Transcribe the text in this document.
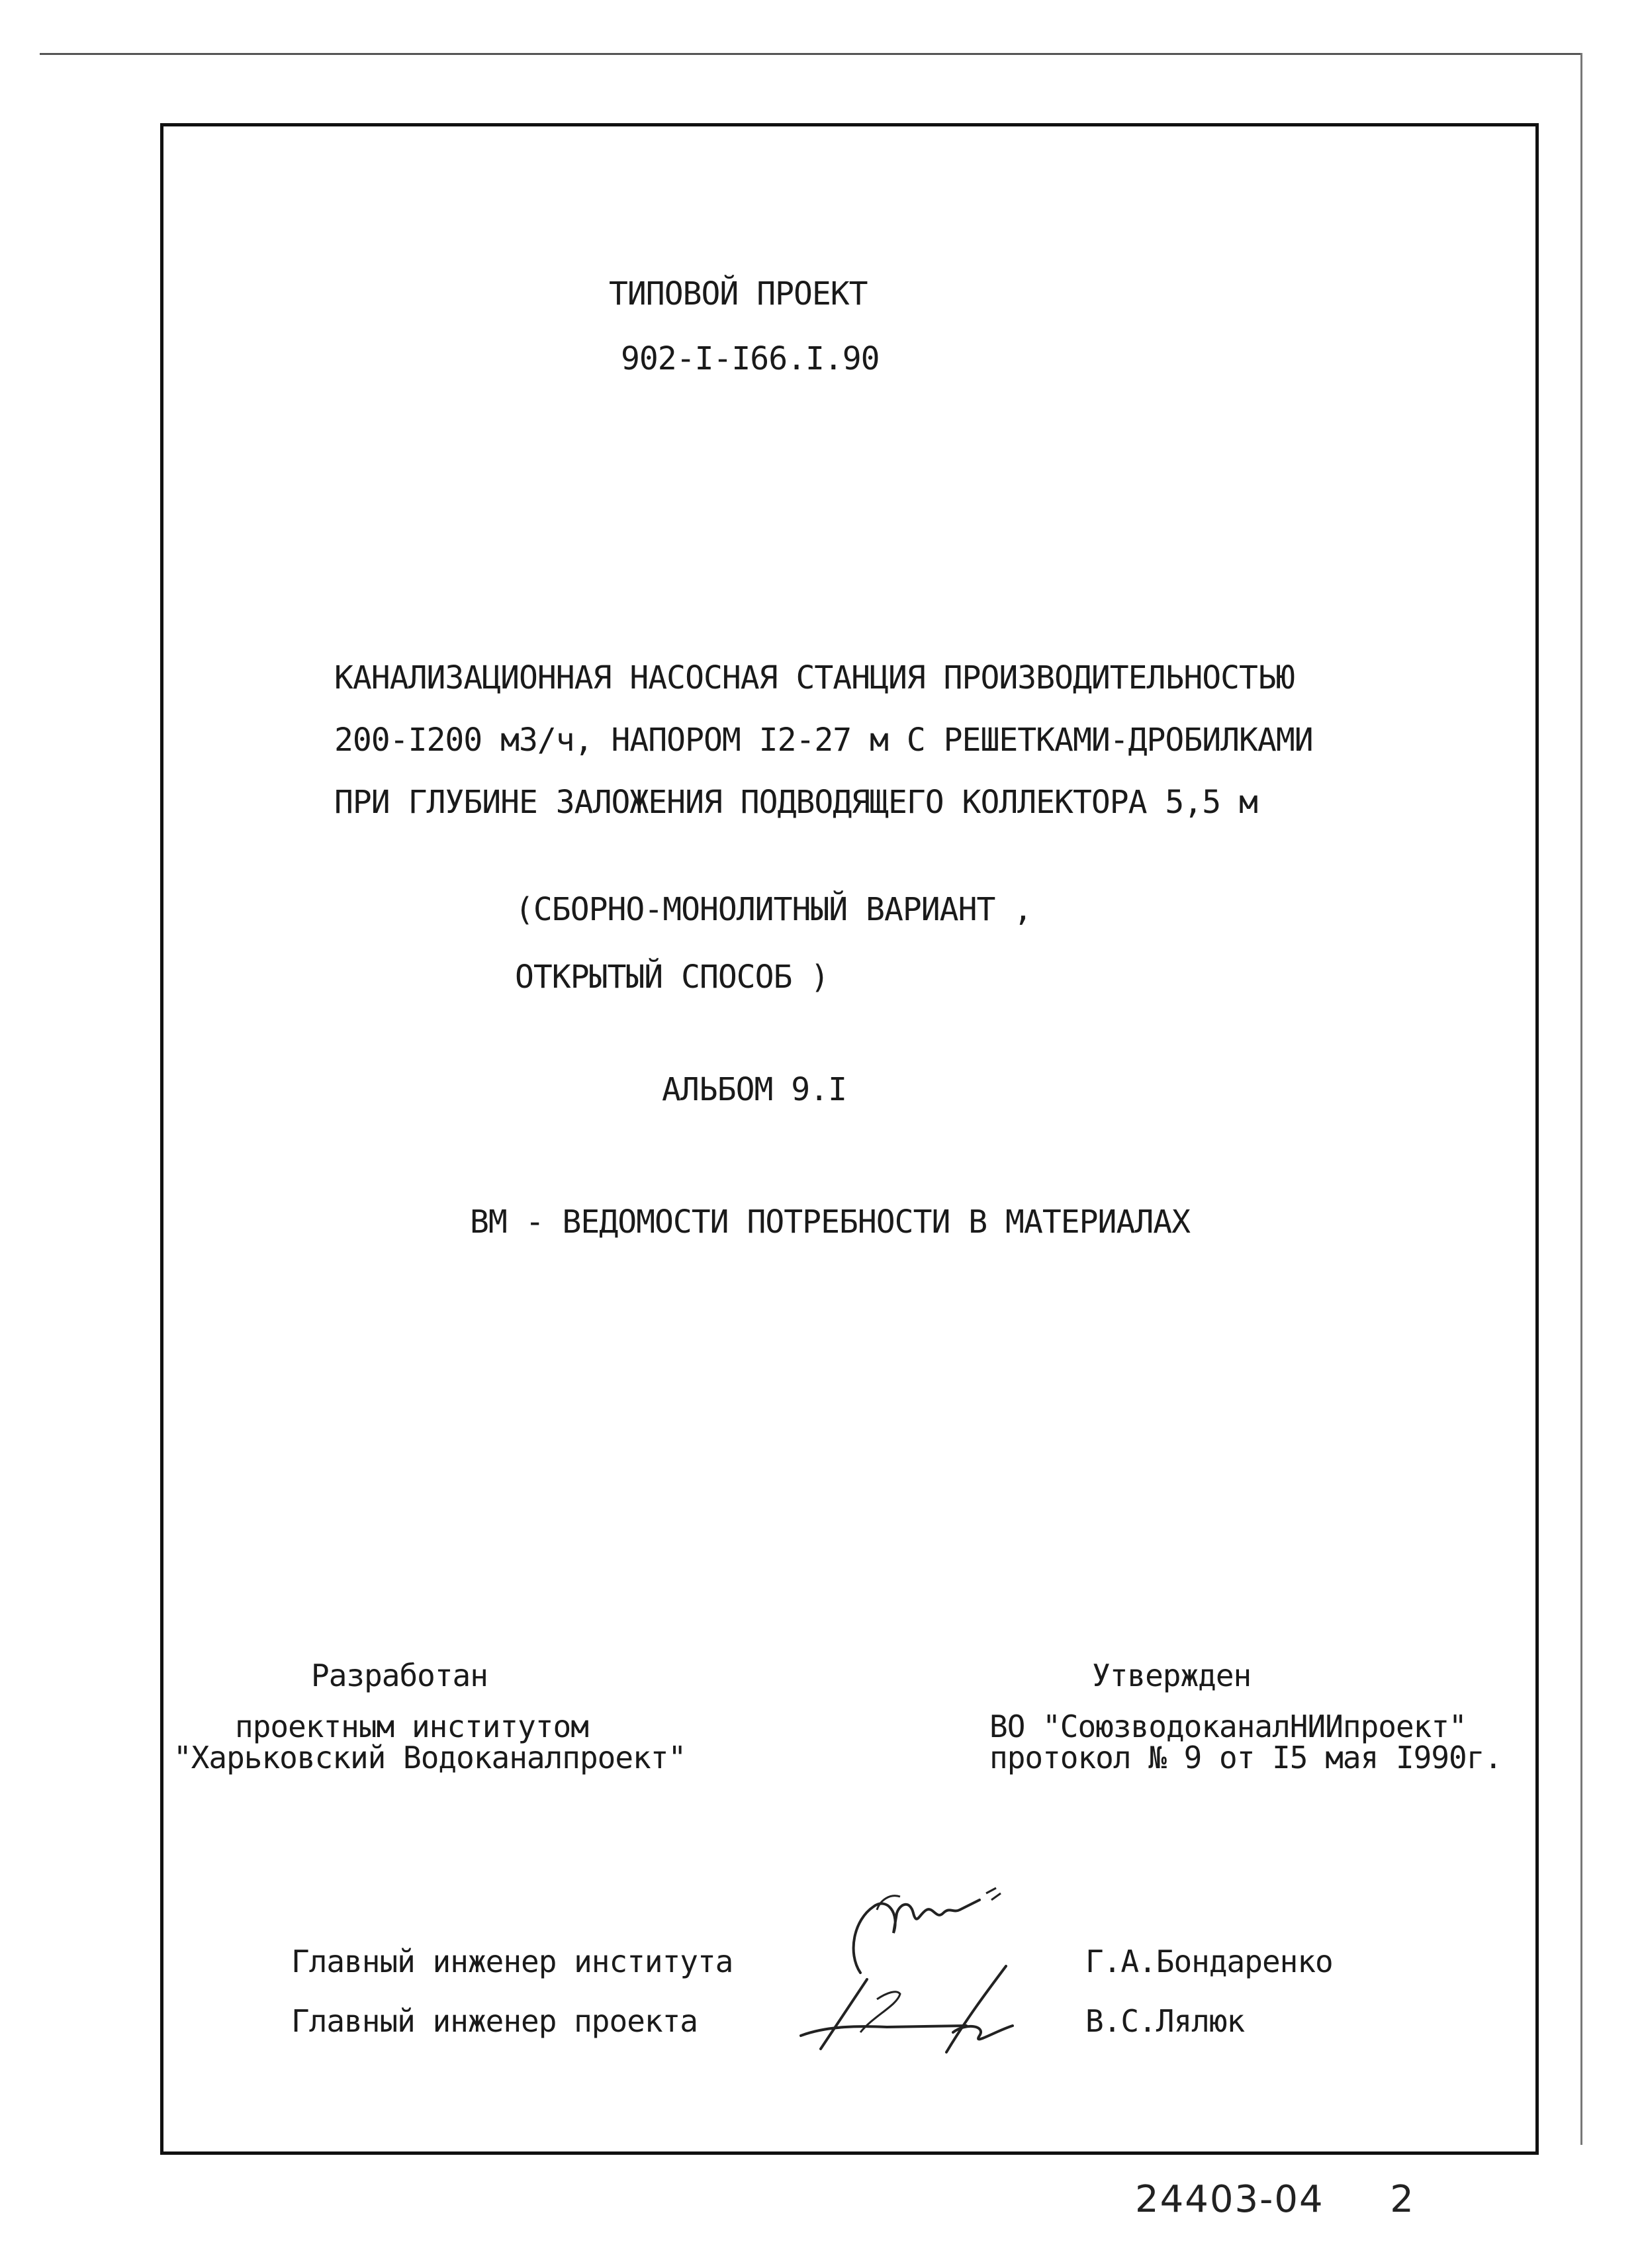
ТИПОВОЙ ПРОЕКТ
902-I-I66.I.90
КАНАЛИЗАЦИОННАЯ НАСОСНАЯ СТАНЦИЯ ПРОИЗВОДИТЕЛЬНОСТЬЮ
200-I200 мЗ/ч, НАПОРОМ I2-27 м С РЕШЕТКАМИ-ДРОБИЛКАМИ
ПРИ ГЛУБИНЕ ЗАЛОЖЕНИЯ ПОДВОДЯЩЕГО КОЛЛЕКТОРА 5,5 м
(СБОРНО-МОНОЛИТНЫЙ ВАРИАНТ ,
ОТКРЫТЫЙ СПОСОБ )
АЛЬБОМ 9.I
ВМ - ВЕДОМОСТИ ПОТРЕБНОСТИ В МАТЕРИАЛАХ
Разработан
проектным институтом
"Харьковский Водоканалпроект"
Утвержден
ВО "СоюзводоканалНИИпроект"
протокол № 9 от I5 мая I990г.
Главный инженер института	Г.А.Бондаренко
Главный инженер проекта	В.С.Лялюк
24403-04 2
